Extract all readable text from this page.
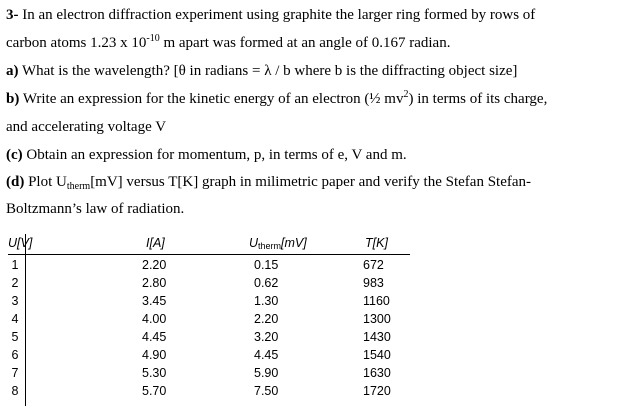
3- In an electron diffraction experiment using graphite the larger ring formed by rows of
carbon atoms 1.23 x $10^{-10}$ m apart was formed at an angle of 0.167 radian.
a) What is the wavelength? [θ in radians = λ / b where b is the diffracting object size]
b) Write an expression for the kinetic energy of an electron (½ $mv^2$) in terms of its charge,
and accelerating voltage V
(c) Obtain an expression for momentum, p, in terms of e, V and m.
(d) Plot $U_{therm}[mV]$ versus T[K] graph in milimetric paper and verify the Stefan Stefan-
Boltzmann’s law of radiation.
U[V]	I[A]	$U_{therm}[mV]$	T[K]
1	2.20	0.15	672
2	2.80	0.62	983
3	3.45	1.30	1160
4	4.00	2.20	1300
5	4.45	3.20	1430
6	4.90	4.45	1540
7	5.30	5.90	1630
8	5.70	7.50	1720
